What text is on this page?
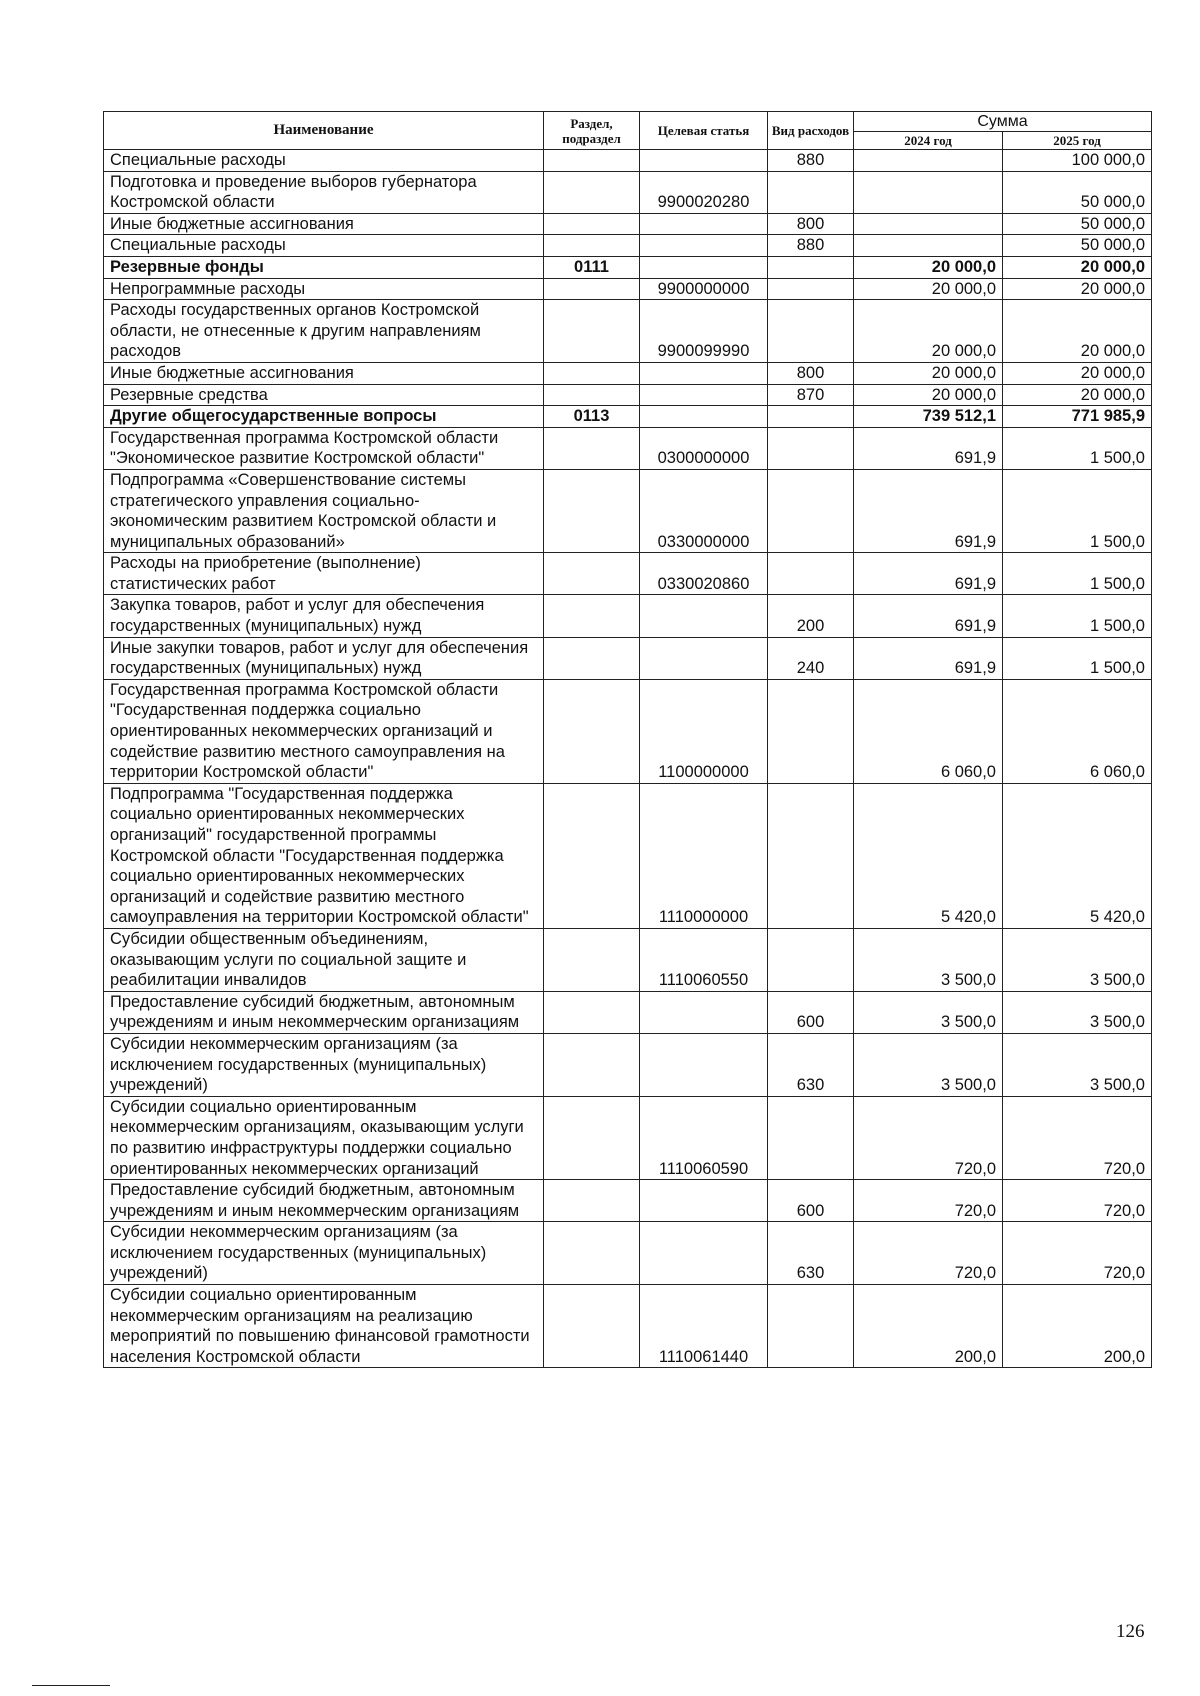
Наименование	Раздел, подраздел	Целевая статья	Вид расходов	Сумма	
				2024 год	2025 год
Специальные расходы			880		100 000,0
Подготовка и проведение выборов губернатора Костромской области		9900020280			50 000,0
Иные бюджетные ассигнования			800		50 000,0
Специальные расходы			880		50 000,0
Резервные фонды	0111			20 000,0	20 000,0
Непрограммные расходы		9900000000		20 000,0	20 000,0
Расходы государственных органов Костромской области, не отнесенные к другим направлениям расходов		9900099990		20 000,0	20 000,0
Иные бюджетные ассигнования			800	20 000,0	20 000,0
Резервные средства			870	20 000,0	20 000,0
Другие общегосударственные вопросы	0113			739 512,1	771 985,9
Государственная программа Костромской области "Экономическое развитие Костромской области"		0300000000		691,9	1 500,0
Подпрограмма «Совершенствование системы стратегического управления социально-экономическим развитием Костромской области и муниципальных образований»		0330000000		691,9	1 500,0
Расходы на приобретение (выполнение) статистических работ		0330020860		691,9	1 500,0
Закупка товаров, работ и услуг для обеспечения государственных (муниципальных) нужд			200	691,9	1 500,0
Иные закупки товаров, работ и услуг для обеспечения государственных (муниципальных) нужд			240	691,9	1 500,0
Государственная программа Костромской области "Государственная поддержка социально ориентированных некоммерческих организаций и содействие развитию местного самоуправления на территории Костромской области"		1100000000		6 060,0	6 060,0
Подпрограмма "Государственная поддержка социально ориентированных некоммерческих организаций" государственной программы Костромской области "Государственная поддержка социально ориентированных некоммерческих организаций и содействие развитию местного самоуправления на территории Костромской области"		1110000000		5 420,0	5 420,0
Субсидии общественным объединениям, оказывающим услуги по социальной защите и реабилитации инвалидов		1110060550		3 500,0	3 500,0
Предоставление субсидий бюджетным, автономным учреждениям и иным некоммерческим организациям			600	3 500,0	3 500,0
Субсидии некоммерческим организациям (за исключением государственных (муниципальных) учреждений)			630	3 500,0	3 500,0
Субсидии социально ориентированным некоммерческим организациям, оказывающим услуги по развитию инфраструктуры поддержки социально ориентированных некоммерческих организаций		1110060590		720,0	720,0
Предоставление субсидий бюджетным, автономным учреждениям и иным некоммерческим организациям			600	720,0	720,0
Субсидии некоммерческим организациям (за исключением государственных (муниципальных) учреждений)			630	720,0	720,0
Субсидии социально ориентированным некоммерческим организациям на реализацию мероприятий по повышению финансовой грамотности населения Костромской области		1110061440		200,0	200,0
126
